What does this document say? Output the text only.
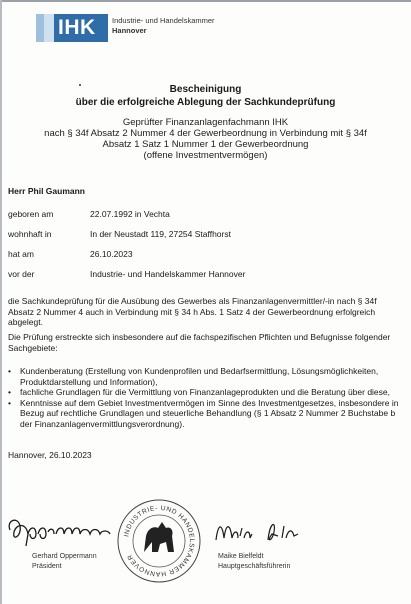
IHK Industrie- und Handelskammer
Hannover
Bescheinigung
über die erfolgreiche Ablegung der Sachkundeprüfung
Geprüfter Finanzanlagenfachmann IHK
nach § 34f Absatz 2 Nummer 4 der Gewerbeordnung in Verbindung mit § 34f
Absatz 1 Satz 1 Nummer 1 der Gewerbeordnung
(offene Investmentvermögen)
Herr Phil Gaumann
geboren am	22.07.1992 in Vechta
wohnhaft in	In der Neustadt 119, 27254 Staffhorst
hat am	26.10.2023
vor der	Industrie- und Handelskammer Hannover
die Sachkundeprüfung für die Ausübung des Gewerbes als Finanzanlagenvermittler/-in nach § 34f Absatz 2 Nummer 4 auch in Verbindung mit § 34 h Abs. 1 Satz 4 der Gewerbeordnung erfolgreich abgelegt.
Die Prüfung erstreckte sich insbesondere auf die fachspezifischen Pflichten und Befugnisse folgender Sachgebiete:
• Kundenberatung (Erstellung von Kundenprofilen und Bedarfsermittlung, Lösungsmöglichkeiten, Produktdarstellung und Information),
• fachliche Grundlagen für die Vermittlung von Finanzanlageprodukten und die Beratung über diese,
• Kenntnisse auf dem Gebiet Investmentvermögen im Sinne des Investmentgesetzes, insbesondere in Bezug auf rechtliche Grundlagen und steuerliche Behandlung (§ 1 Absatz 2 Nummer 2 Buchstabe b der Finanzanlagenvermittlungsverordnung).
Hannover, 26.10.2023
Gerhard Oppermann
Präsident
INDUSTRIE- UND HANDELSKAMMER HANNOVER	Maike Bielfeldt
Hauptgeschäftsführerin
